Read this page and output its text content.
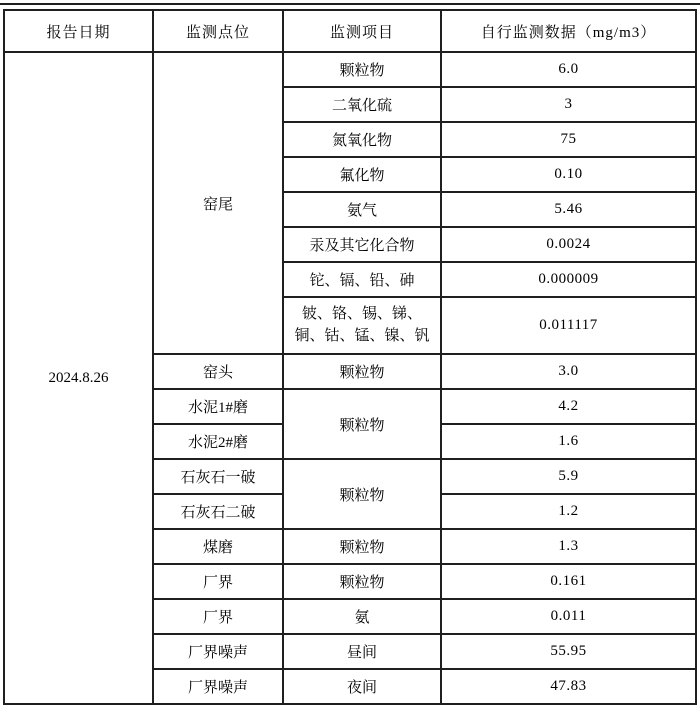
报告日期	监测点位	监测项目	自行监测数据（mg/m3）
2024.8.26	窑尾	颗粒物	6.0
		二氧化硫	3
		氮氧化物	75
		氟化物	0.10
		氨气	5.46
		汞及其它化合物	0.0024
		铊、镉、铅、砷	0.000009
		铍、铬、锡、锑、铜、钴、锰、镍、钒	0.011117
	窑头	颗粒物	3.0
	水泥1#磨	颗粒物	4.2
	水泥2#磨		1.6
	石灰石一破	颗粒物	5.9
	石灰石二破		1.2
	煤磨	颗粒物	1.3
	厂界	颗粒物	0.161
	厂界	氨	0.011
	厂界噪声	昼间	55.95
	厂界噪声	夜间	47.83
